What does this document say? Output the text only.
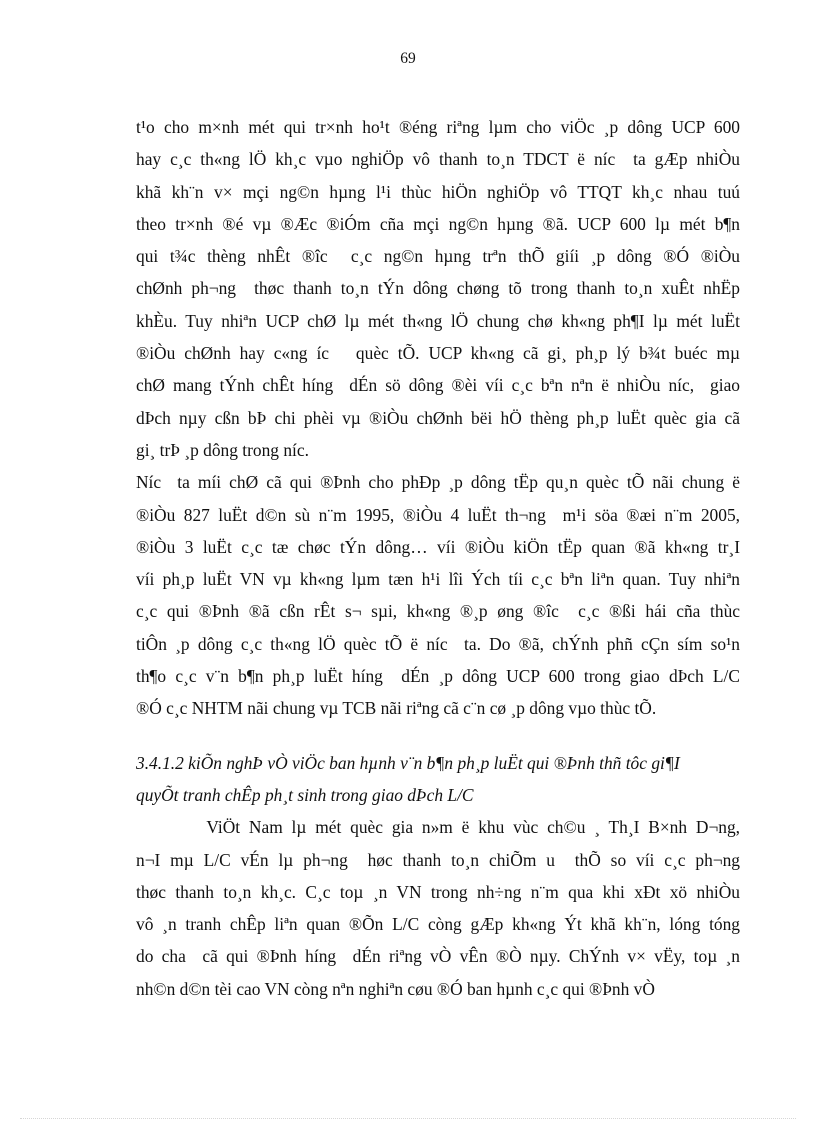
69
t¹o cho m×nh mét qui tr×nh ho¹t ®éng riªng lµm cho viÖc ¸p dông UCP 600
hay c¸c th«ng lÖ kh¸c vµo nghiÖp vô thanh to¸n TDCT ë níc  ta gÆp nhiÒu
khã kh¨n v× mçi ng©n hµng l¹i thùc hiÖn nghiÖp vô TTQT kh¸c nhau tuú
theo tr×nh ®é vµ ®Æc ®iÓm cña mçi ng©n hµng ®ã. UCP 600 lµ mét b¶n
qui t¾c thèng nhÊt ®îc  c¸c ng©n hµng trªn thÕ giíi ¸p dông ®Ó ®iÒu
chØnh ph¬ng  thøc thanh to¸n tÝn dông chøng tõ trong thanh to¸n xuÊt nhËp
khÈu. Tuy nhiªn UCP chØ lµ mét th«ng lÖ chung chø kh«ng ph¶I lµ mét luËt
®iÒu chØnh hay c«ng íc   quèc tÕ. UCP kh«ng cã gi¸ ph¸p lý b¾t buéc mµ
chØ mang tÝnh chÊt híng  dÉn sö dông ®èi víi c¸c bªn nªn ë nhiÒu níc,  giao
dÞch nµy cßn bÞ chi phèi vµ ®iÒu chØnh bëi hÖ thèng ph¸p luËt quèc gia cã
gi¸ trÞ ¸p dông trong níc.
Níc  ta míi chØ cã qui ®Þnh cho phÐp ¸p dông tËp qu¸n quèc tÕ nãi chung ë
®iÒu 827 luËt d©n sù n¨m 1995, ®iÒu 4 luËt th¬ng  m¹i söa ®æi n¨m 2005,
®iÒu 3 luËt c¸c tæ chøc tÝn dông… víi ®iÒu kiÖn tËp quan ®ã kh«ng tr¸I
víi ph¸p luËt VN vµ kh«ng lµm tæn h¹i lîi Ých tíi c¸c bªn liªn quan. Tuy nhiªn
c¸c qui ®Þnh ®ã cßn rÊt s¬ sµi, kh«ng ®¸p øng ®îc  c¸c ®ßi hái cña thùc
tiÔn ¸p dông c¸c th«ng lÖ quèc tÕ ë níc  ta. Do ®ã, chÝnh phñ cÇn sím so¹n
th¶o c¸c v¨n b¶n ph¸p luËt híng  dÉn ¸p dông UCP 600 trong giao dÞch L/C
®Ó c¸c NHTM nãi chung vµ TCB nãi riªng cã c¨n cø ¸p dông vµo thùc tÕ.
3.4.1.2 kiÕn nghÞ vÒ viÖc ban hµnh v¨n b¶n ph¸p luËt qui ®Þnh thñ tôc gi¶I
quyÕt tranh chÊp ph¸t sinh trong giao dÞch L/C
ViÖt Nam lµ mét quèc gia n»m ë khu vùc ch©u ¸ Th¸I B×nh D¬ng,
n¬I mµ L/C vÉn lµ ph¬ng  høc thanh to¸n chiÕm u  thÕ so víi c¸c ph¬ng
thøc thanh to¸n kh¸c. C¸c toµ ¸n VN trong nh÷ng n¨m qua khi xÐt xö nhiÒu
vô ¸n tranh chÊp liªn quan ®Õn L/C còng gÆp kh«ng Ýt khã kh¨n, lóng tóng
do cha  cã qui ®Þnh híng  dÉn riªng vÒ vÊn ®Ò nµy. ChÝnh v× vËy, toµ ¸n
nh©n d©n tèi cao VN còng nªn nghiªn cøu ®Ó ban hµnh c¸c qui ®Þnh vÒ
